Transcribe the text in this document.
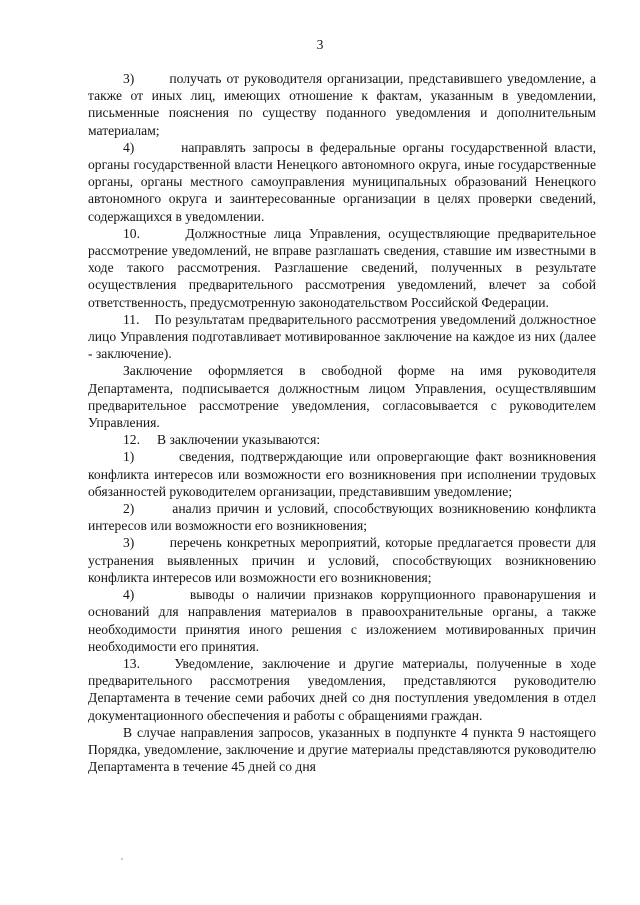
3

3)       получать от руководителя организации, представившего уведомление, а также от иных лиц, имеющих отношение к фактам, указанным в уведомлении, письменные пояснения по существу поданного уведомления и дополнительным материалам;

4)       направлять запросы в федеральные органы государственной власти, органы государственной власти Ненецкого автономного округа, иные государственные органы, органы местного самоуправления муниципальных образований Ненецкого автономного округа и заинтересованные организации в целях проверки сведений, содержащихся в уведомлении.

10.      Должностные лица Управления, осуществляющие предварительное рассмотрение уведомлений, не вправе разглашать сведения, ставшие им известными в ходе такого рассмотрения. Разглашение сведений, полученных в результате осуществления предварительного рассмотрения уведомлений, влечет за собой ответственность, предусмотренную законодательством Российской Федерации.

11.    По результатам предварительного рассмотрения уведомлений должностное лицо Управления подготавливает мотивированное заключение на каждое из них (далее - заключение).

Заключение оформляется в свободной форме на имя руководителя Департамента, подписывается должностным лицом Управления, осуществлявшим предварительное рассмотрение уведомления, согласовывается с руководителем Управления.

12.     В заключении указываются:

1)       сведения, подтверждающие или опровергающие факт возникновения конфликта интересов или возможности его возникновения при исполнении трудовых обязанностей руководителем организации, представившим уведомление;

2)       анализ причин и условий, способствующих возникновению конфликта интересов или возможности его возникновения;

3)       перечень конкретных мероприятий, которые предлагается провести для устранения выявленных причин и условий, способствующих возникновению конфликта интересов или возможности его возникновения;

4)       выводы о наличии признаков коррупционного правонарушения и оснований для направления материалов в правоохранительные органы, а также необходимости принятия иного решения с изложением мотивированных причин необходимости его принятия.

13.    Уведомление, заключение и другие материалы, полученные в ходе предварительного рассмотрения уведомления, представляются руководителю Департамента в течение семи рабочих дней со дня поступления уведомления в отдел документационного обеспечения и работы с обращениями граждан.

В случае направления запросов, указанных в подпункте 4 пункта 9 настоящего Порядка, уведомление, заключение и другие материалы представляются руководителю Департамента в течение 45 дней со дня
